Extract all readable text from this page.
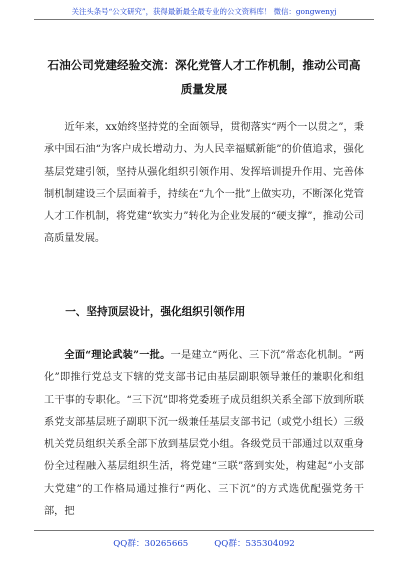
关注头条号“公文研究”，获得最新最全最专业的公文资料库！ 微信：gongwenyj
石油公司党建经验交流：深化党管人才工作机制，推动公司高质量发展
近年来，xx始终坚持党的全面领导，贯彻落实“两个一以贯之”，秉承中国石油“为客户成长增动力、为人民幸福赋新能”的价值追求，强化基层党建引领，坚持从强化组织引领作用、发挥培训提升作用、完善体制机制建设三个层面着手，持续在“九个一批”上做实功，不断深化党管人才工作机制，将党建“软实力”转化为企业发展的“硬支撑”，推动公司高质量发展。
一、坚持顶层设计，强化组织引领作用
全面“理论武装”一批。一是建立“两化、三下沉”常态化机制。“两化”即推行党总支下辖的党支部书记由基层副职领导兼任的兼职化和组工干事的专职化。“三下沉”即将党委班子成员组织关系全部下放到所联系党支部基层班子副职下沉一级兼任基层支部书记（或党小组长）三级机关党员组织关系全部下放到基层党小组。各级党员干部通过以双重身份全过程融入基层组织生活，将党建“三联”落到实处，构建起“小支部大党建”的工作格局通过推行“两化、三下沉”的方式选优配强党务干部，把
QQ群：30265665	QQ群：535304092
